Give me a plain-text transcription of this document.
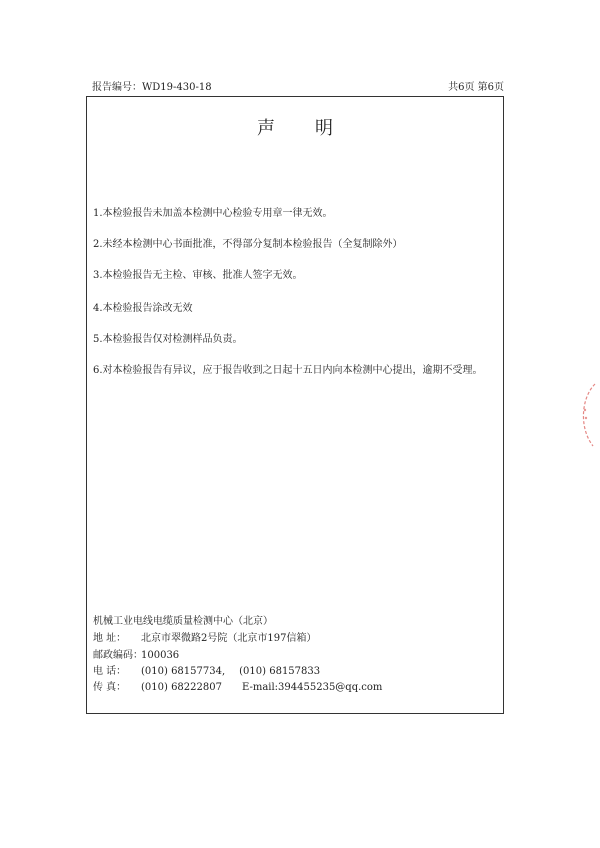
报告编号：WD19-430-18	共6页 第6页
声明
1.本检验报告未加盖本检测中心检验专用章一律无效。
2.未经本检测中心书面批准，不得部分复制本检验报告（全复制除外）
3.本检验报告无主检、审核、批准人签字无效。
4.本检验报告涂改无效
5.本检验报告仅对检测样品负责。
6.对本检验报告有异议，应于报告收到之日起十五日内向本检测中心提出，逾期不受理。
机械工业电线电缆质量检测中心（北京）
地 址： 北京市翠微路2号院（北京市197信箱）
邮政编码：100036
电 话： (010) 68157734, (010) 68157833
传 真： (010) 68222807 E-mail:394455235@qq.com
